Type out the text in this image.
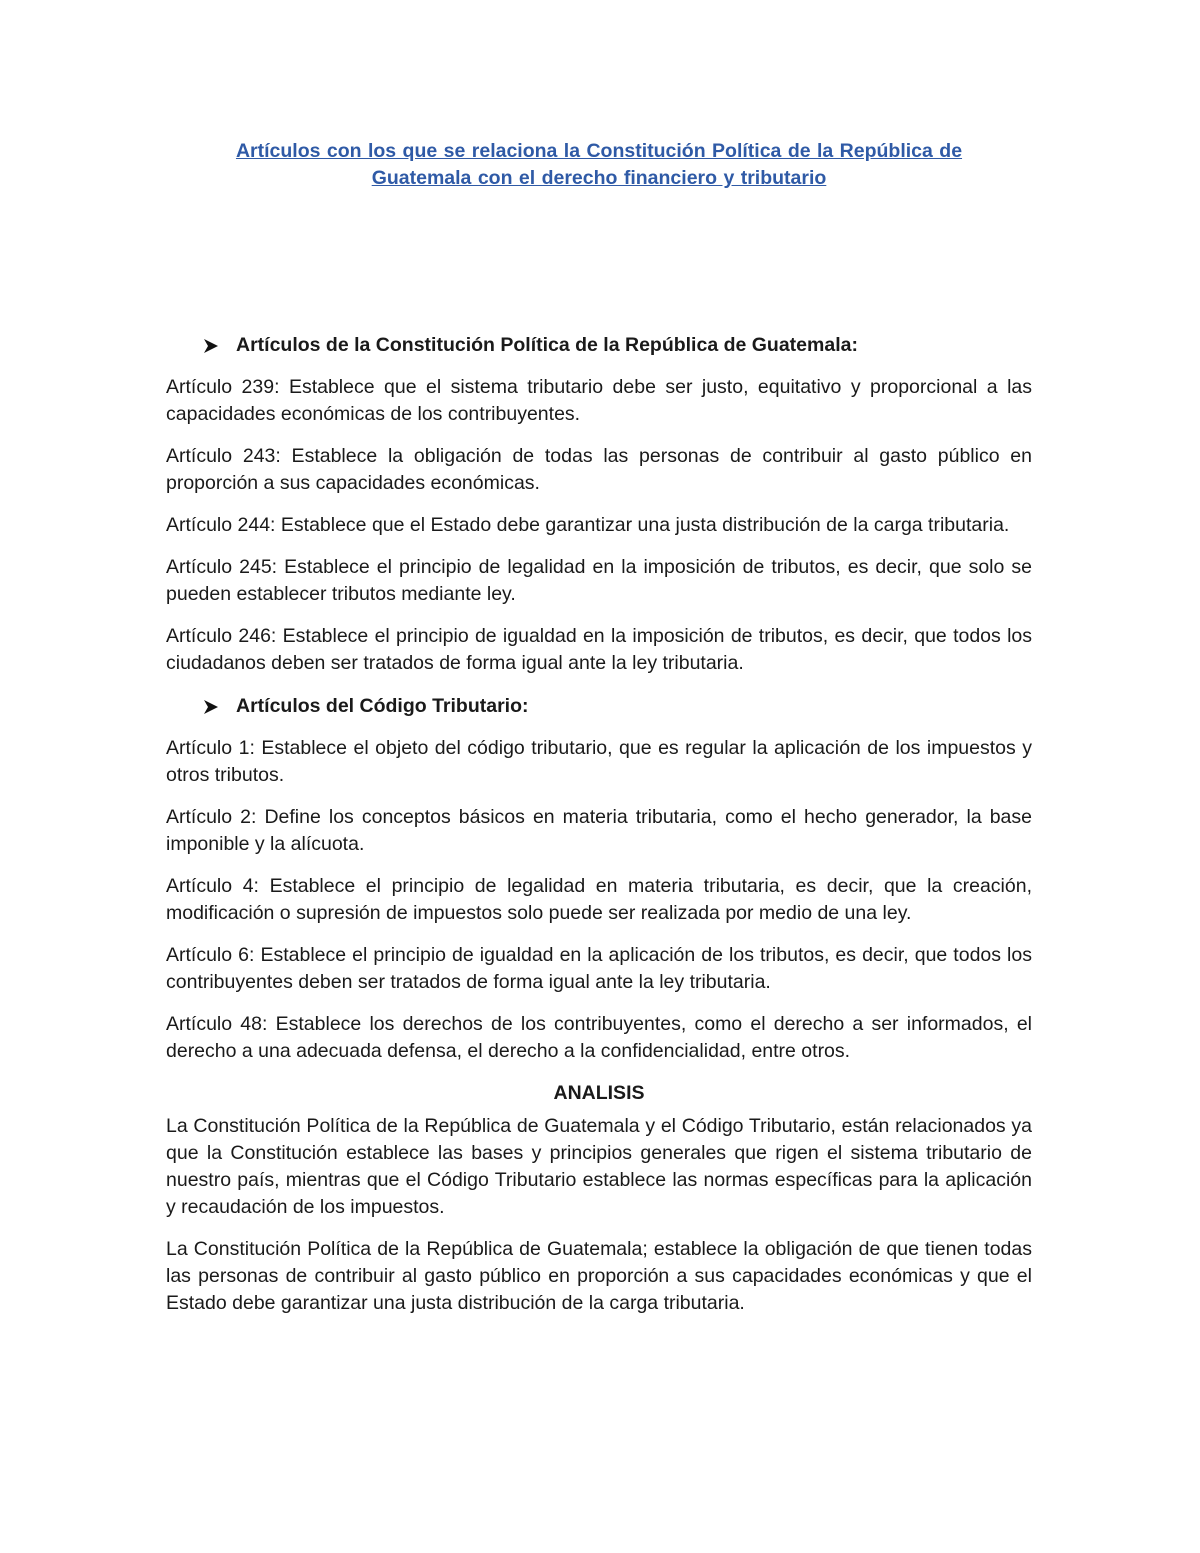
Artículos con los que se relaciona la Constitución Política de la República de
Guatemala con el derecho financiero y tributario
Artículos de la Constitución Política de la República de Guatemala:

Artículo 239: Establece que el sistema tributario debe ser justo, equitativo y proporcional a las capacidades económicas de los contribuyentes.

Artículo 243: Establece la obligación de todas las personas de contribuir al gasto público en proporción a sus capacidades económicas.

Artículo 244: Establece que el Estado debe garantizar una justa distribución de la carga tributaria.

Artículo 245: Establece el principio de legalidad en la imposición de tributos, es decir, que solo se pueden establecer tributos mediante ley.

Artículo 246: Establece el principio de igualdad en la imposición de tributos, es decir, que todos los ciudadanos deben ser tratados de forma igual ante la ley tributaria.

Artículos del Código Tributario:

Artículo 1: Establece el objeto del código tributario, que es regular la aplicación de los impuestos y otros tributos.

Artículo 2: Define los conceptos básicos en materia tributaria, como el hecho generador, la base imponible y la alícuota.

Artículo 4: Establece el principio de legalidad en materia tributaria, es decir, que la creación, modificación o supresión de impuestos solo puede ser realizada por medio de una ley.

Artículo 6: Establece el principio de igualdad en la aplicación de los tributos, es decir, que todos los contribuyentes deben ser tratados de forma igual ante la ley tributaria.

Artículo 48: Establece los derechos de los contribuyentes, como el derecho a ser informados, el derecho a una adecuada defensa, el derecho a la confidencialidad, entre otros.

ANALISIS

La Constitución Política de la República de Guatemala y el Código Tributario, están relacionados ya que la Constitución establece las bases y principios generales que rigen el sistema tributario de nuestro país, mientras que el Código Tributario establece las normas específicas para la aplicación y recaudación de los impuestos.

La Constitución Política de la República de Guatemala; establece la obligación de que tienen todas las personas de contribuir al gasto público en proporción a sus capacidades económicas y que el Estado debe garantizar una justa distribución de la carga tributaria.
